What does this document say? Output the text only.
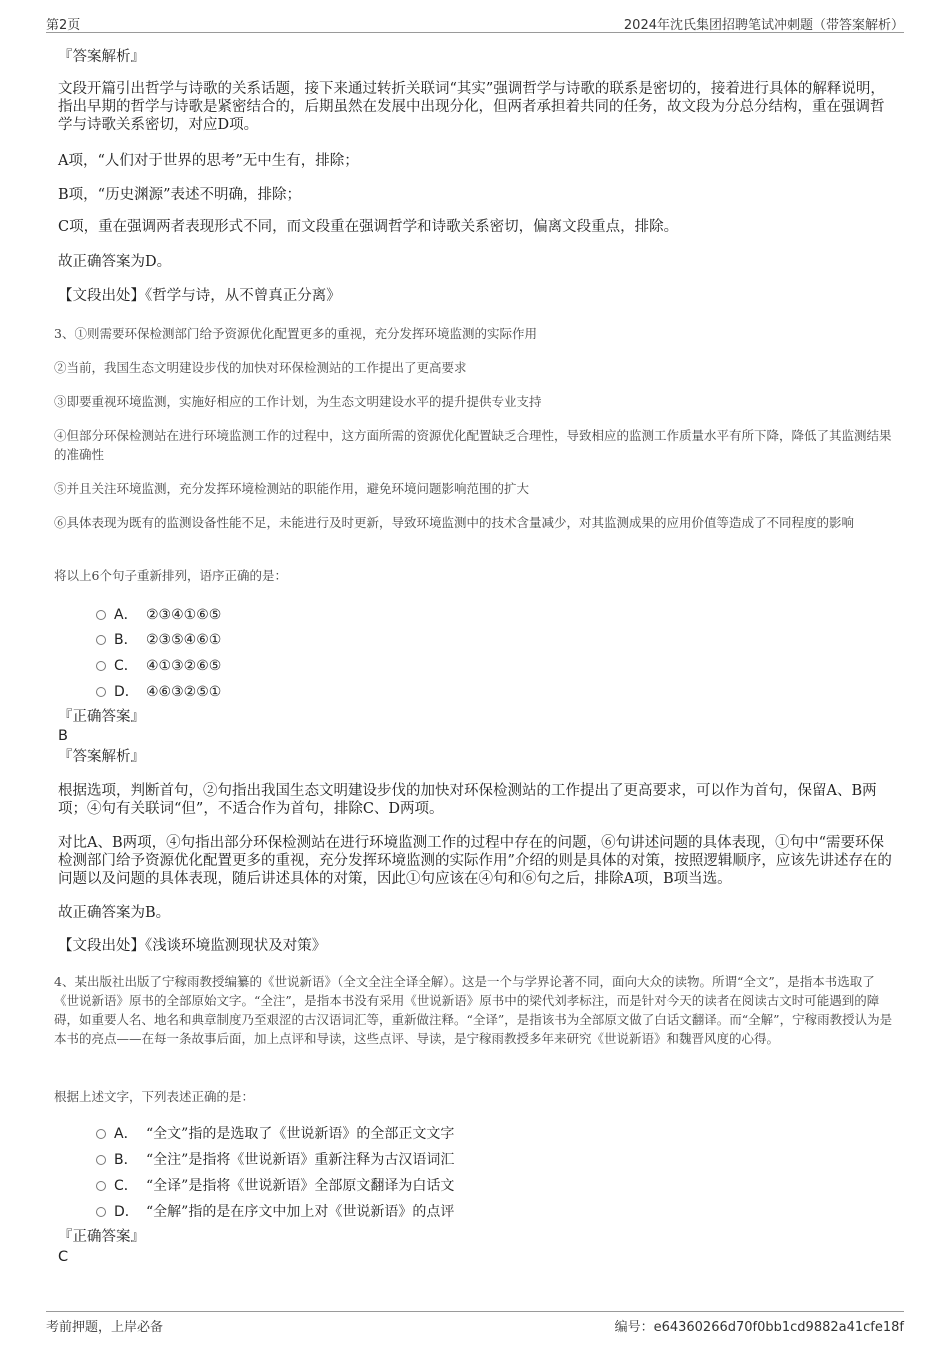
第2页	2024年沈氏集团招聘笔试冲刺题（带答案解析）
『答案解析』
文段开篇引出哲学与诗歌的关系话题，接下来通过转折关联词“其实”强调哲学与诗歌的联系是密切的，接着进行具体的解释说明，指出早期的哲学与诗歌是紧密结合的，后期虽然在发展中出现分化，但两者承担着共同的任务，故文段为分总分结构，重在强调哲学与诗歌关系密切，对应D项。
A项，“人们对于世界的思考”无中生有，排除；
B项，“历史渊源”表述不明确，排除；
C项，重在强调两者表现形式不同，而文段重在强调哲学和诗歌关系密切，偏离文段重点，排除。
故正确答案为D。
【文段出处】《哲学与诗，从不曾真正分离》
3、①则需要环保检测部门给予资源优化配置更多的重视，充分发挥环境监测的实际作用
②当前，我国生态文明建设步伐的加快对环保检测站的工作提出了更高要求
③即要重视环境监测，实施好相应的工作计划，为生态文明建设水平的提升提供专业支持
④但部分环保检测站在进行环境监测工作的过程中，这方面所需的资源优化配置缺乏合理性，导致相应的监测工作质量水平有所下降，降低了其监测结果的准确性
⑤并且关注环境监测，充分发挥环境检测站的职能作用，避免环境问题影响范围的扩大
⑥具体表现为既有的监测设备性能不足，未能进行及时更新，导致环境监测中的技术含量减少，对其监测成果的应用价值等造成了不同程度的影响
将以上6个句子重新排列，语序正确的是：
A． ②③④①⑥⑤
B． ②③⑤④⑥①
C． ④①③②⑥⑤
D． ④⑥③②⑤①
『正确答案』
B
『答案解析』
根据选项，判断首句，②句指出我国生态文明建设步伐的加快对环保检测站的工作提出了更高要求，可以作为首句，保留A、B两项；④句有关联词“但”，不适合作为首句，排除C、D两项。
对比A、B两项，④句指出部分环保检测站在进行环境监测工作的过程中存在的问题，⑥句讲述问题的具体表现，①句中“需要环保检测部门给予资源优化配置更多的重视，充分发挥环境监测的实际作用”介绍的则是具体的对策，按照逻辑顺序，应该先讲述存在的问题以及问题的具体表现，随后讲述具体的对策，因此①句应该在④句和⑥句之后，排除A项，B项当选。
故正确答案为B。
【文段出处】《浅谈环境监测现状及对策》
4、某出版社出版了宁稼雨教授编纂的《世说新语》（全文全注全译全解）。这是一个与学界论著不同，面向大众的读物。所谓“全文”，是指本书选取了《世说新语》原书的全部原始文字。“全注”，是指本书没有采用《世说新语》原书中的梁代刘孝标注，而是针对今天的读者在阅读古文时可能遇到的障碍，如重要人名、地名和典章制度乃至艰涩的古汉语词汇等，重新做注释。“全译”，是指该书为全部原文做了白话文翻译。而“全解”，宁稼雨教授认为是本书的亮点——在每一条故事后面，加上点评和导读，这些点评、导读，是宁稼雨教授多年来研究《世说新语》和魏晋风度的心得。
根据上述文字，下列表述正确的是：
A． “全文”指的是选取了《世说新语》的全部正文文字
B． “全注”是指将《世说新语》重新注释为古汉语词汇
C． “全译”是指将《世说新语》全部原文翻译为白话文
D． “全解”指的是在序文中加上对《世说新语》的点评
『正确答案』
C
考前押题，上岸必备	编号：e64360266d70f0bb1cd9882a41cfe18f
